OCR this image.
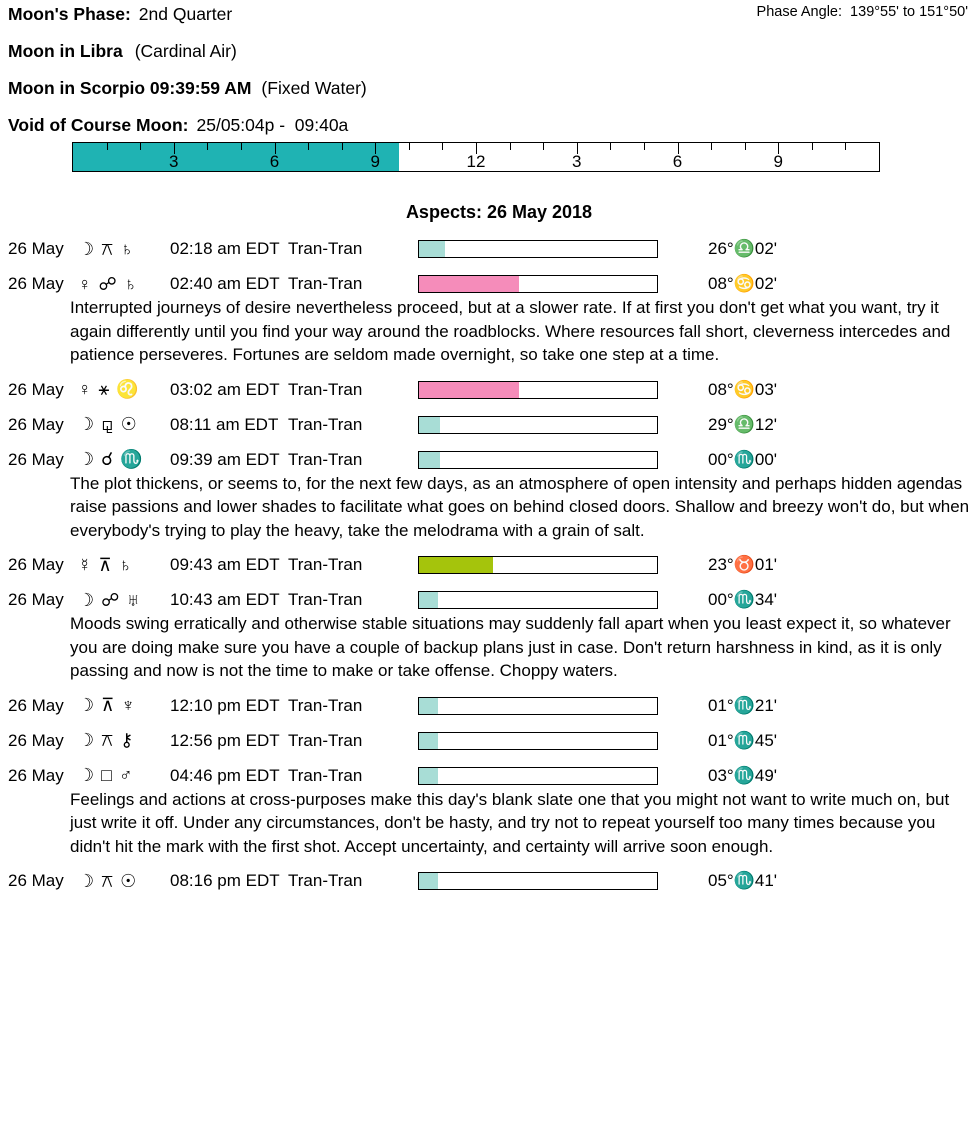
Phase Angle:  139°55' to 151°50'
Moon's Phase: 2nd Quarter
Moon in Libra (Cardinal Air)
Moon in Scorpio 09:39:59 AM (Fixed Water)
Void of Course Moon: 25/05:04p -  09:40a
3	6	9	12	3	6	9
Aspects: 26 May 2018
26 May ☽ ⚻ ♄	02:18 am EDT Tran-Tran	26°♎02'
26 May ♀ ☍ ♄	02:40 am EDT Tran-Tran	08°♋02'
Interrupted journeys of desire nevertheless proceed, but at a slower rate. If at first you don't get what you want, try it again differently until you find your way around the roadblocks. Where resources fall short, cleverness intercedes and patience perseveres. Fortunes are seldom made overnight, so take one step at a time.
26 May ♀ ⚹ ♌	03:02 am EDT Tran-Tran	08°♋03'
26 May ☽ ⚼ ☉	08:11 am EDT Tran-Tran	29°♎12'
26 May ☽ ☌ ♏	09:39 am EDT Tran-Tran	00°♏00'
The plot thickens, or seems to, for the next few days, as an atmosphere of open intensity and perhaps hidden agendas raise passions and lower shades to facilitate what goes on behind closed doors. Shallow and breezy won't do, but when everybody's trying to play the heavy, take the melodrama with a grain of salt.
26 May ☿ ⊼ ♄	09:43 am EDT Tran-Tran	23°♉01'
26 May ☽ ☍ ♅	10:43 am EDT Tran-Tran	00°♏34'
Moods swing erratically and otherwise stable situations may suddenly fall apart when you least expect it, so whatever you are doing make sure you have a couple of backup plans just in case. Don't return harshness in kind, as it is only passing and now is not the time to make or take offense. Choppy waters.
26 May ☽ ⊼ ♆	12:10 pm EDT Tran-Tran	01°♏21'
26 May ☽ ⚻ ⚷	12:56 pm EDT Tran-Tran	01°♏45'
26 May ☽ □ ♂	04:46 pm EDT Tran-Tran	03°♏49'
Feelings and actions at cross-purposes make this day's blank slate one that you might not want to write much on, but just write it off. Under any circumstances, don't be hasty, and try not to repeat yourself too many times because you didn't hit the mark with the first shot. Accept uncertainty, and certainty will arrive soon enough.
26 May ☽ ⚻ ☉	08:16 pm EDT Tran-Tran	05°♏41'
